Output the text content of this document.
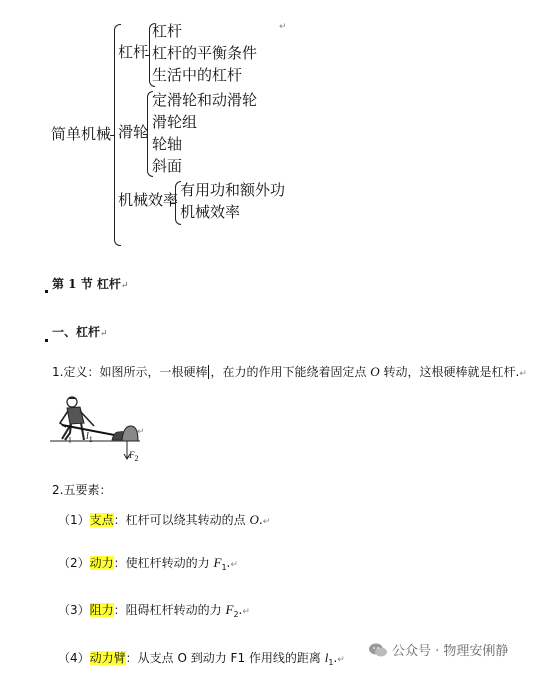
简单机械
杠杆
杠杆
杠杆的平衡条件
生活中的杠杆
滑轮
定滑轮和动滑轮
滑轮组
轮轴
斜面
机械效率
有用功和额外功
机械效率
↵
第 1 节 杠杆↵
一、杠杆↵
1.定义：如图所示，一根硬棒 ，在力的作用下能绕着固定点 O 转动，这根硬棒就是杠杆.↵
$l_1$
F2
↵
2.五要素：
（1）支点：杠杆可以绕其转动的点 O.↵
（2）动力：使杠杆转动的力 $F_1.↵$
（3）阻力：阻碍杠杆转动的力 $F_2.↵$
（4）动力臂：从支点 O 到动力 F1 作用线的距离 $l_1.↵$
公众号 · 物理安俐静
